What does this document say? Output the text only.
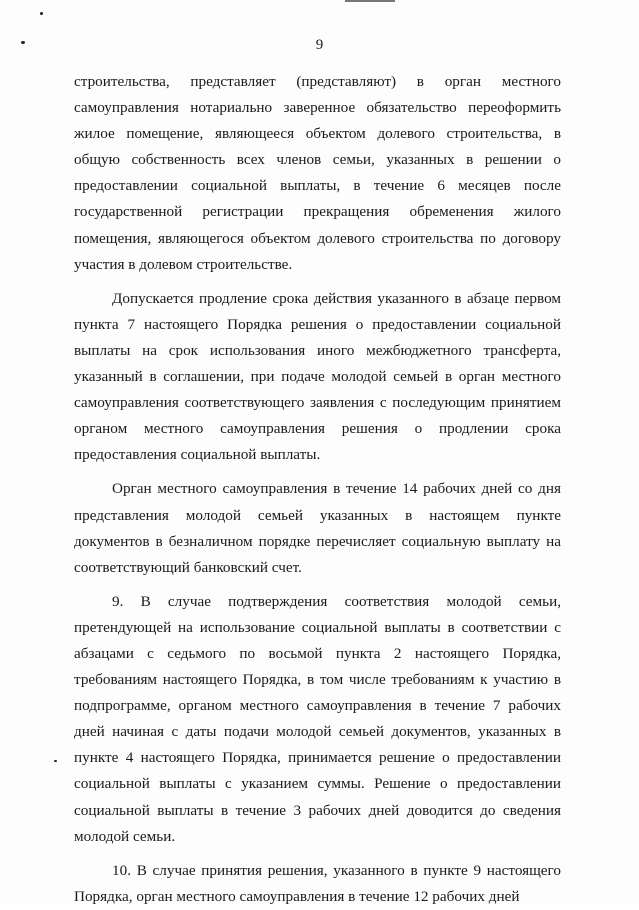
9

строительства, представляет (представляют) в орган местного самоуправления нотариально заверенное обязательство переоформить жилое помещение, являющееся объектом долевого строительства, в общую собственность всех членов семьи, указанных в решении о предоставлении социальной выплаты, в течение 6 месяцев после государственной регистрации прекращения обременения жилого помещения, являющегося объектом долевого строительства по договору участия в долевом строительстве.

Допускается продление срока действия указанного в абзаце первом пункта 7 настоящего Порядка решения о предоставлении социальной выплаты на срок использования иного межбюджетного трансферта, указанный в соглашении, при подаче молодой семьей в орган местного самоуправления соответствующего заявления с последующим принятием органом местного самоуправления решения о продлении срока предоставления социальной выплаты.

Орган местного самоуправления в течение 14 рабочих дней со дня представления молодой семьей указанных в настоящем пункте документов в безналичном порядке перечисляет социальную выплату на соответствующий банковский счет.

9. В случае подтверждения соответствия молодой семьи, претендующей на использование социальной выплаты в соответствии с абзацами с седьмого по восьмой пункта 2 настоящего Порядка, требованиям настоящего Порядка, в том числе требованиям к участию в подпрограмме, органом местного самоуправления в течение 7 рабочих дней начиная с даты подачи молодой семьей документов, указанных в пункте 4 настоящего Порядка, принимается решение о предоставлении социальной выплаты с указанием суммы. Решение о предоставлении социальной выплаты в течение 3 рабочих дней доводится до сведения молодой семьи.

10. В случае принятия решения, указанного в пункте 9 настоящего Порядка, орган местного самоуправления в течение 12 рабочих дней
